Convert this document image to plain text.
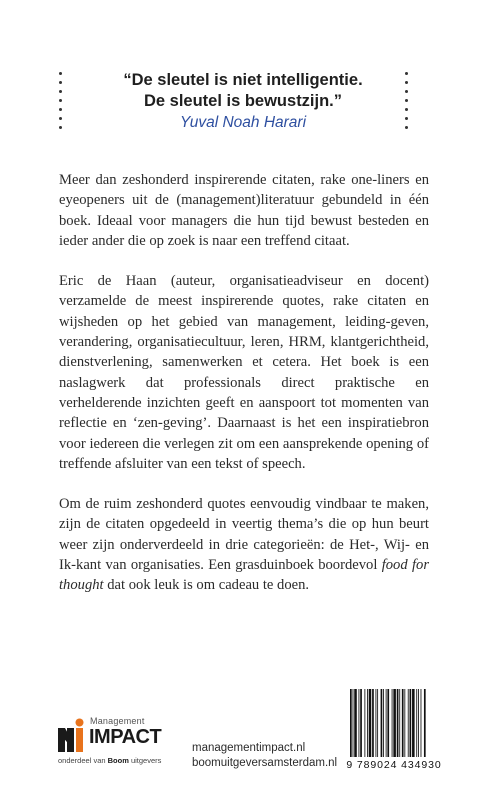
“De sleutel is niet intelligentie.
De sleutel is bewustzijn.”
Yuval Noah Harari

Meer dan zeshonderd inspirerende citaten, rake one-liners en eyeopeners uit de (management)literatuur gebundeld in één boek. Ideaal voor managers die hun tijd bewust besteden en ieder ander die op zoek is naar een treffend citaat.

Eric de Haan (auteur, organisatieadviseur en docent) verzamelde de meest inspirerende quotes, rake citaten en wijsheden op het gebied van management, leiding-geven, verandering, organisatiecultuur, leren, HRM, klantgerichtheid, dienstverlening, samenwerken et cetera. Het boek is een naslagwerk dat professionals direct praktische en verhelderende inzichten geeft en aanspoort tot momenten van reflectie en ‘zen-geving’. Daarnaast is het een inspiratiebron voor iedereen die verlegen zit om een aansprekende opening of treffende afsluiter van een tekst of speech.

Om de ruim zeshonderd quotes eenvoudig vindbaar te maken, zijn de citaten opgedeeld in veertig thema’s die op hun beurt weer zijn onderverdeeld in drie categorieën: de Het-, Wij- en Ik-kant van organisaties. Een grasduinboek boordevol food for thought dat ook leuk is om cadeau te doen.

Management
IMPACT
onderdeel van Boom uitgevers
managementimpact.nl
boomuitgeversamsterdam.nl 9 789024 434930
